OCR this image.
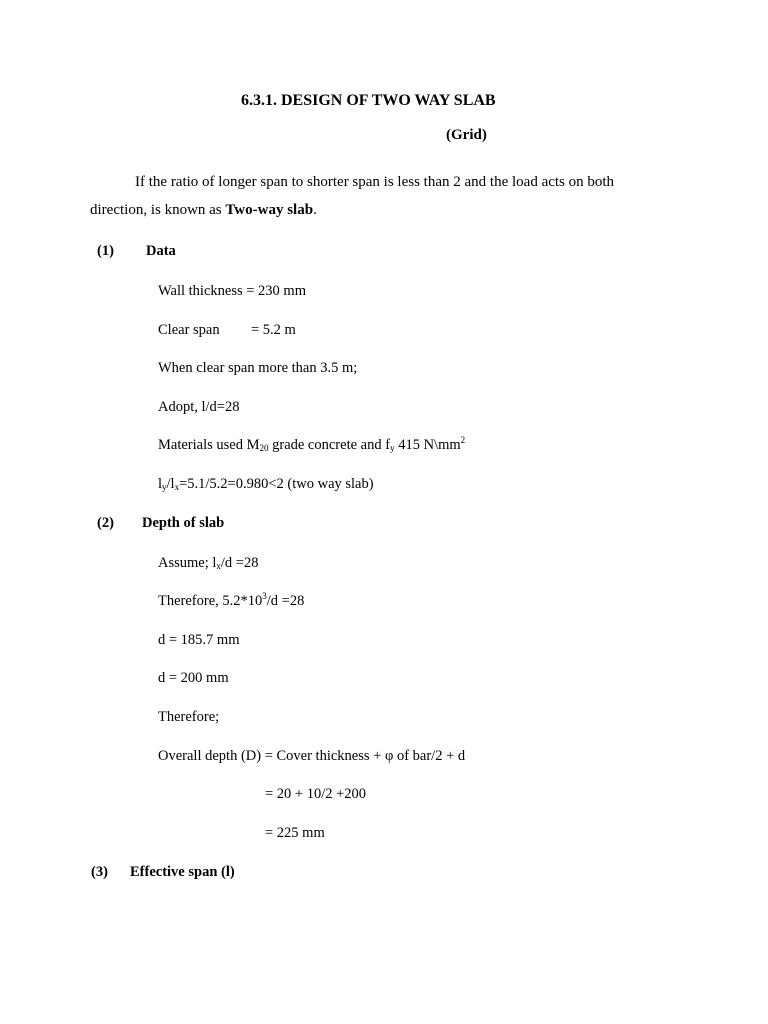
6.3.1. DESIGN OF TWO WAY SLAB
(Grid)
If the ratio of longer span to shorter span is less than 2 and the load acts on both
direction, is known as Two-way slab.
(1) Data
Wall thickness = 230 mm
Clear span = 5.2 m
When clear span more than 3.5 m;
Adopt, l/d=28
Materials used $M_{20}$ grade concrete and $f_y$ 415 $N\backslash mm^2$
$l_y/l_x=5.1/5.2=0.980<2$ (two way slab)
(2) Depth of slab
Assume; $l_x/d =28$
Therefore, $5.2*10^3/d =28$
d = 185.7 mm
d = 200 mm
Therefore;
Overall depth (D) = Cover thickness + φ of bar/2 + d
= 20 + 10/2 +200
= 225 mm
(3) Effective span (l)
